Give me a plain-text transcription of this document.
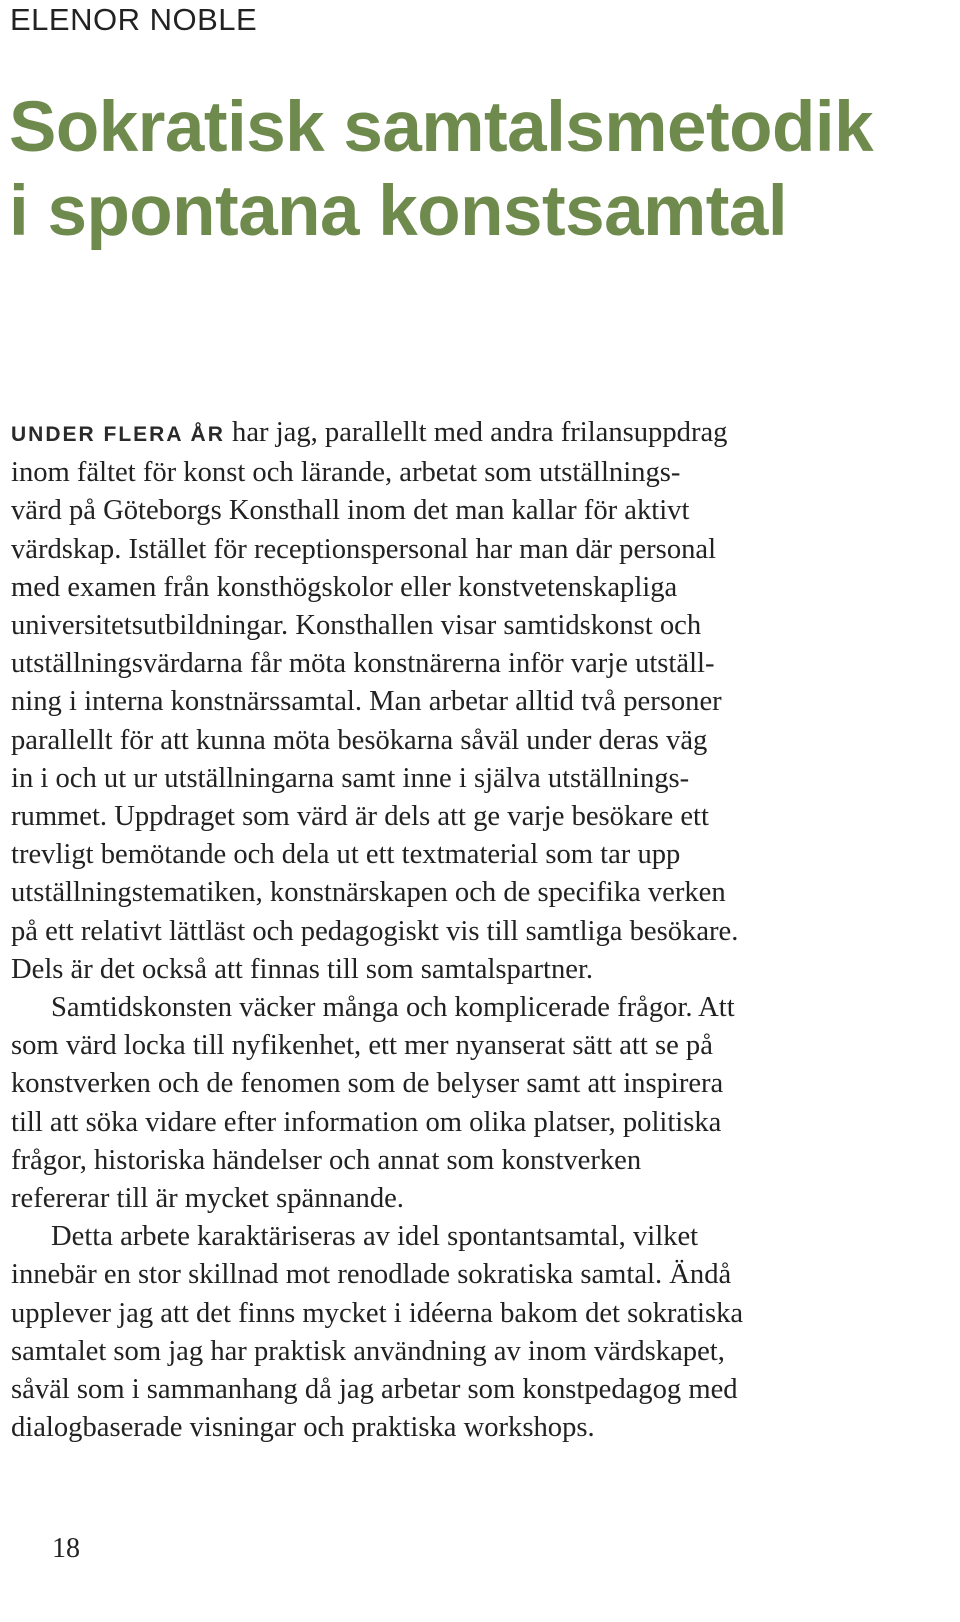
ELENOR NOBLE
Sokratisk samtalsmetodik
i spontana konstsamtal
UNDER FLERA ÅR har jag, parallellt med andra frilansuppdrag
inom fältet för konst och lärande, arbetat som utställnings-
värd på Göteborgs Konsthall inom det man kallar för aktivt
värdskap. Istället för receptionspersonal har man där personal
med examen från konsthögskolor eller konstvetenskapliga
universitetsutbildningar. Konsthallen visar samtidskonst och
utställningsvärdarna får möta konstnärerna inför varje utställ-
ning i interna konstnärssamtal. Man arbetar alltid två personer
parallellt för att kunna möta besökarna såväl under deras väg
in i och ut ur utställningarna samt inne i själva utställnings-
rummet. Uppdraget som värd är dels att ge varje besökare ett
trevligt bemötande och dela ut ett textmaterial som tar upp
utställningstematiken, konstnärskapen och de specifika verken
på ett relativt lättläst och pedagogiskt vis till samtliga besökare.
Dels är det också att finnas till som samtalspartner.
Samtidskonsten väcker många och komplicerade frågor. Att
som värd locka till nyfikenhet, ett mer nyanserat sätt att se på
konstverken och de fenomen som de belyser samt att inspirera
till att söka vidare efter information om olika platser, politiska
frågor, historiska händelser och annat som konstverken
refererar till är mycket spännande.
Detta arbete karaktäriseras av idel spontantsamtal, vilket
innebär en stor skillnad mot renodlade sokratiska samtal. Ändå
upplever jag att det finns mycket i idéerna bakom det sokratiska
samtalet som jag har praktisk användning av inom värdskapet,
såväl som i sammanhang då jag arbetar som konstpedagog med
dialogbaserade visningar och praktiska workshops.
18
